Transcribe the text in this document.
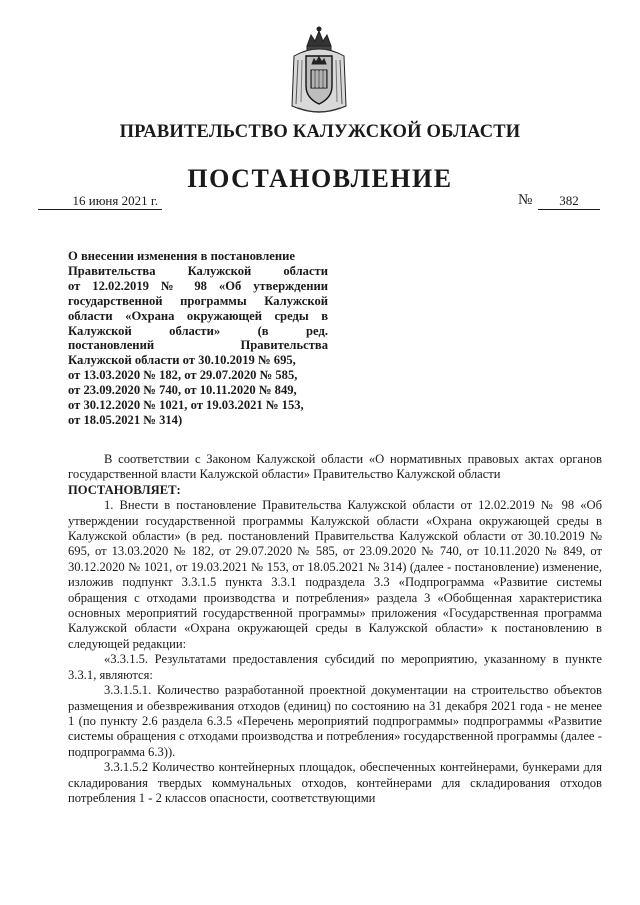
ПРАВИТЕЛЬСТВО КАЛУЖСКОЙ ОБЛАСТИ
ПОСТАНОВЛЕНИЕ
16 июня 2021 г.	№	382

О внесении изменения в постановление
Правительства Калужской области
от 12.02.2019 № 98 «Об утверждении
государственной программы Калужской
области «Охрана окружающей среды в
Калужской области» (в ред.
постановлений Правительства
Калужской области от 30.10.2019 № 695,
от 13.03.2020 № 182, от 29.07.2020 № 585,
от 23.09.2020 № 740, от 10.11.2020 № 849,
от 30.12.2020 № 1021, от 19.03.2021 № 153,
от 18.05.2021 № 314)

В соответствии с Законом Калужской области «О нормативных правовых актах органов государственной власти Калужской области» Правительство Калужской области

ПОСТАНОВЛЯЕТ:

1. Внести в постановление Правительства Калужской области от 12.02.2019 № 98 «Об утверждении государственной программы Калужской области «Охрана окружающей среды в Калужской области» (в ред. постановлений Правительства Калужской области от 30.10.2019 № 695, от 13.03.2020 № 182, от 29.07.2020 № 585, от 23.09.2020 № 740, от 10.11.2020 № 849, от 30.12.2020 № 1021, от 19.03.2021 № 153, от 18.05.2021 № 314) (далее - постановление) изменение, изложив подпункт 3.3.1.5 пункта 3.3.1 подраздела 3.3 «Подпрограмма «Развитие системы обращения с отходами производства и потребления» раздела 3 «Обобщенная характеристика основных мероприятий государственной программы» приложения «Государственная программа Калужской области «Охрана окружающей среды в Калужской области» к постановлению в следующей редакции:

«3.3.1.5. Результатами предоставления субсидий по мероприятию, указанному в пункте 3.3.1, являются:

3.3.1.5.1. Количество разработанной проектной документации на строительство объектов размещения и обезвреживания отходов (единиц) по состоянию на 31 декабря 2021 года - не менее 1 (по пункту 2.6 раздела 6.3.5 «Перечень мероприятий подпрограммы» подпрограммы «Развитие системы обращения с отходами производства и потребления» государственной программы (далее - подпрограмма 6.3)).

3.3.1.5.2 Количество контейнерных площадок, обеспеченных контейнерами, бункерами для складирования твердых коммунальных отходов, контейнерами для складирования отходов потребления 1 - 2 классов опасности, соответствующими
